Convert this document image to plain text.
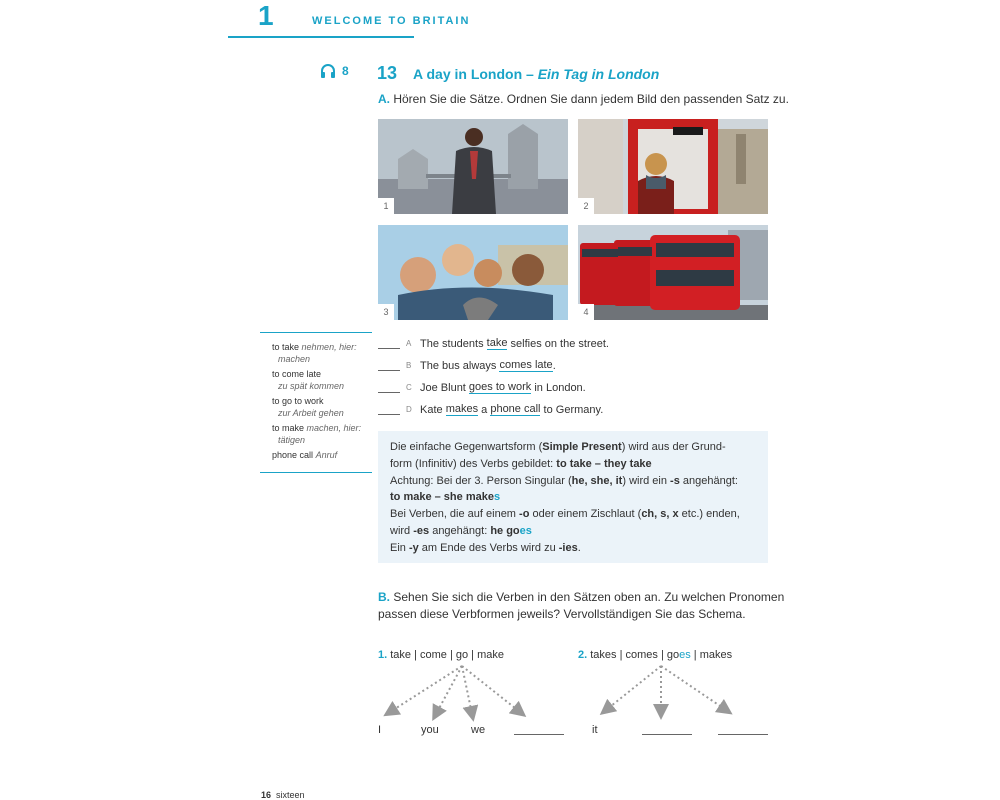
1	WELCOME TO BRITAIN
8 13 A day in London – Ein Tag in London
A. Hören Sie die Sätze. Ordnen Sie dann jedem Bild den passenden Satz zu.
1	2
3	4
to take nehmen, hier:
machen
to come late
zu spät kommen
to go to work
zur Arbeit gehen
to make machen, hier:
tätigen
phone call Anruf
A The students take selfies on the street.
B The bus always comes late .
C Joe Blunt goes to work in London.
D Kate makes a phone call to Germany.
Die einfache Gegenwartsform (Simple Present) wird aus der Grund-
form (Infinitiv) des Verbs gebildet: to take – they take
Achtung: Bei der 3. Person Singular (he, she, it) wird ein -s angehängt:
to make – she makes
Bei Verben, die auf einem -o oder einem Zischlaut (ch, s, x etc.) enden,
wird -es angehängt: he goes
Ein -y am Ende des Verbs wird zu -ies.
B. Sehen Sie sich die Verben in den Sätzen oben an. Zu welchen Pronomen
passen diese Verbformen jeweils? Vervollständigen Sie das Schema.
1. take | come | go | make	2. takes | comes | goes | makes
I	you	we	it
16 sixteen
